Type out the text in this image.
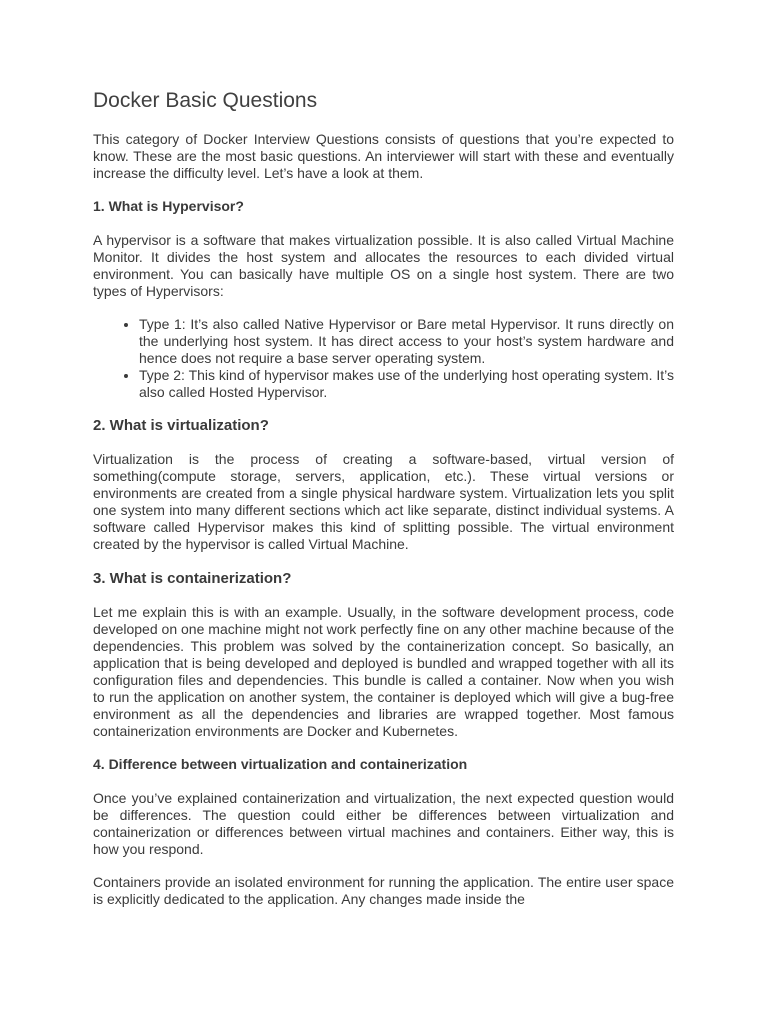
Docker Basic Questions

This category of Docker Interview Questions consists of questions that you’re expected to know. These are the most basic questions. An interviewer will start with these and eventually increase the difficulty level. Let’s have a look at them.

1. What is Hypervisor?

A hypervisor is a software that makes virtualization possible. It is also called Virtual Machine Monitor. It divides the host system and allocates the resources to each divided virtual environment. You can basically have multiple OS on a single host system. There are two types of Hypervisors:

• Type 1: It’s also called Native Hypervisor or Bare metal Hypervisor. It runs directly on the underlying host system. It has direct access to your host’s system hardware and hence does not require a base server operating system.
• Type 2: This kind of hypervisor makes use of the underlying host operating system. It’s also called Hosted Hypervisor.
2. What is virtualization?

Virtualization is the process of creating a software-based, virtual version of something(compute storage, servers, application, etc.). These virtual versions or environments are created from a single physical hardware system. Virtualization lets you split one system into many different sections which act like separate, distinct individual systems. A software called Hypervisor makes this kind of splitting possible. The virtual environment created by the hypervisor is called Virtual Machine.

3. What is containerization?

Let me explain this is with an example. Usually, in the software development process, code developed on one machine might not work perfectly fine on any other machine because of the dependencies. This problem was solved by the containerization concept. So basically, an application that is being developed and deployed is bundled and wrapped together with all its configuration files and dependencies. This bundle is called a container. Now when you wish to run the application on another system, the container is deployed which will give a bug-free environment as all the dependencies and libraries are wrapped together. Most famous containerization environments are Docker and Kubernetes.

4. Difference between virtualization and containerization

Once you’ve explained containerization and virtualization, the next expected question would be differences. The question could either be differences between virtualization and containerization or differences between virtual machines and containers. Either way, this is how you respond.

Containers provide an isolated environment for running the application. The entire user space is explicitly dedicated to the application. Any changes made inside the
